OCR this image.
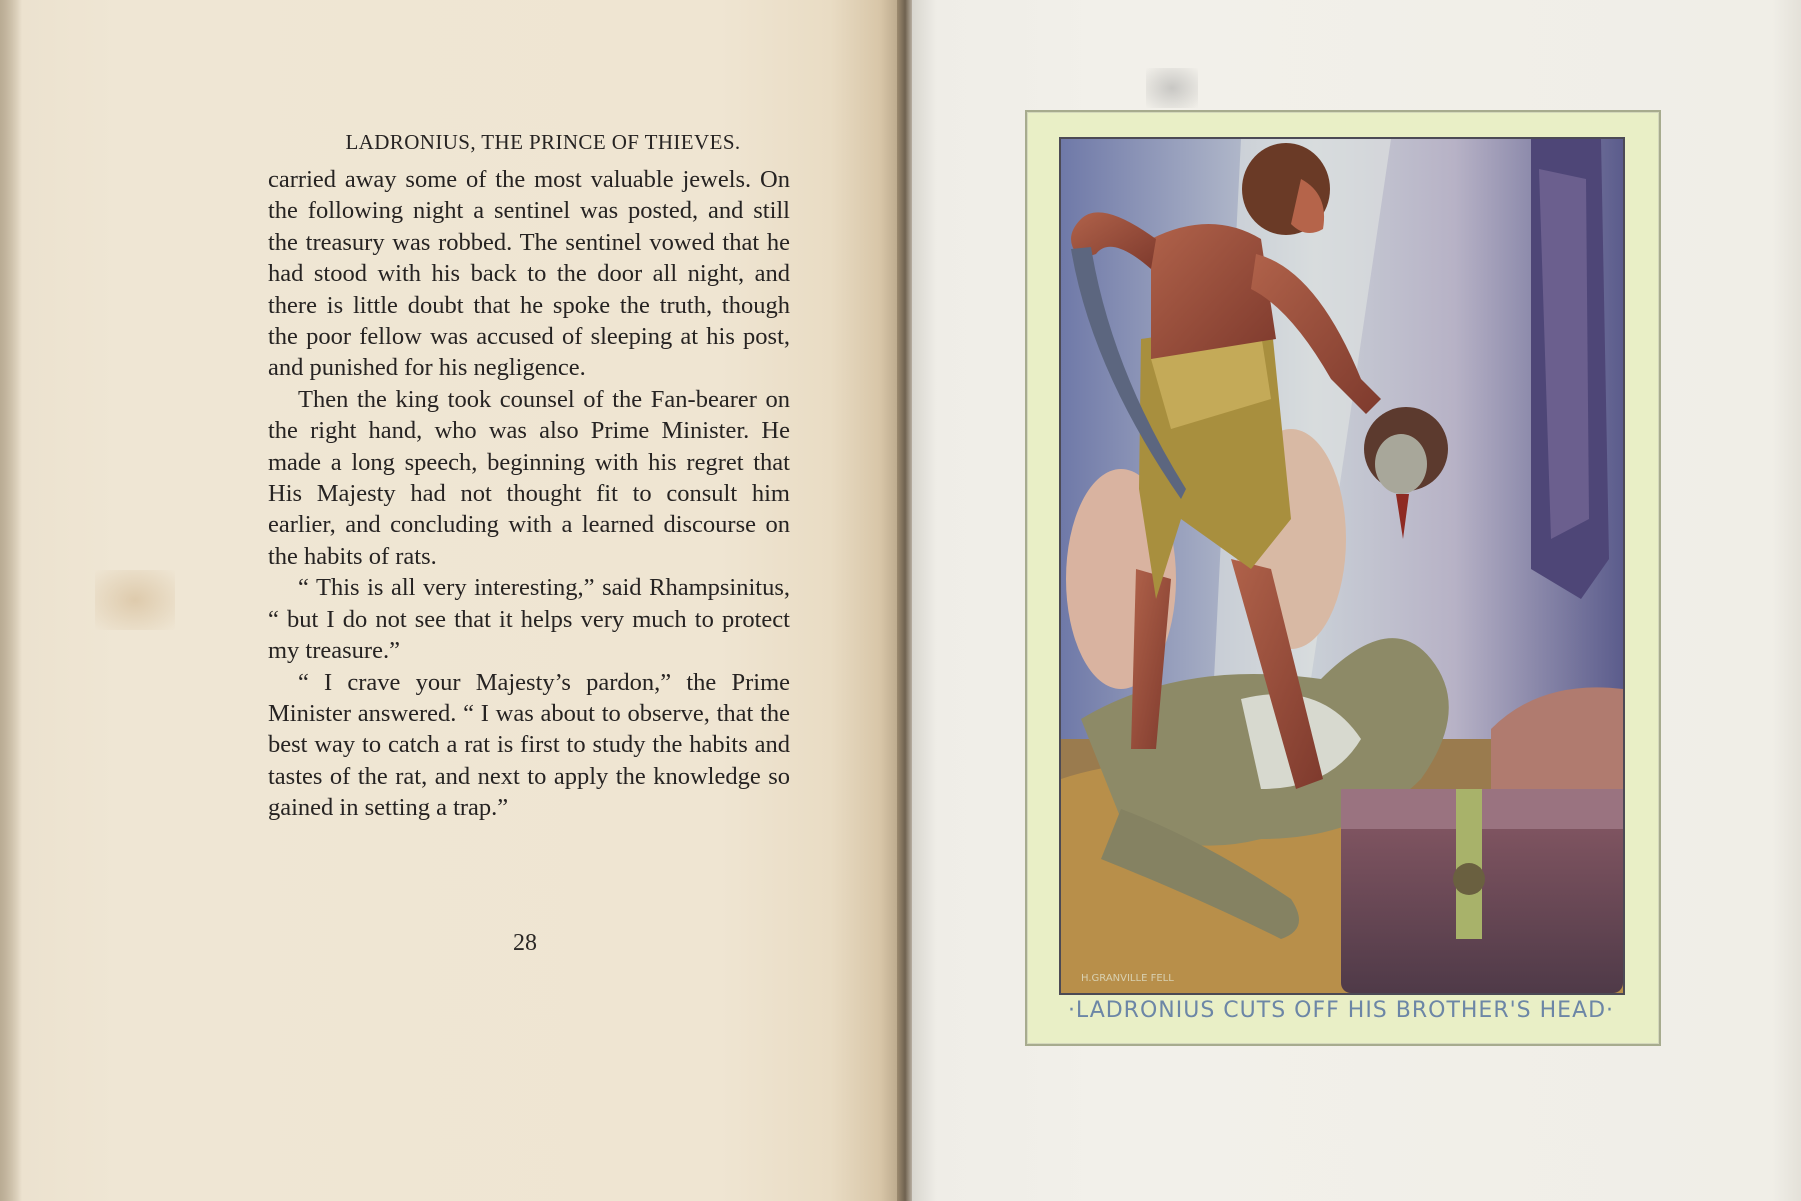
LADRONIUS, THE PRINCE OF THIEVES.

carried away some of the most valuable jewels. On the following night a sentinel was posted, and still the treasury was robbed. The sentinel vowed that he had stood with his back to the door all night, and there is little doubt that he spoke the truth, though the poor fellow was accused of sleeping at his post, and punished for his negligence.

Then the king took counsel of the Fan-bearer on the right hand, who was also Prime Minister. He made a long speech, beginning with his regret that His Majesty had not thought fit to consult him earlier, and concluding with a learned discourse on the habits of rats.

“ This is all very interesting,” said Rhampsinitus, “ but I do not see that it helps very much to protect my treasure.”

“ I crave your Majesty’s pardon,” the Prime Minister answered. “ I was about to observe, that the best way to catch a rat is first to study the habits and tastes of the rat, and next to apply the knowledge so gained in setting a trap.”

28
H.GRANVILLE FELL
·LADRONIUS CUTS OFF HIS BROTHER'S HEAD·
